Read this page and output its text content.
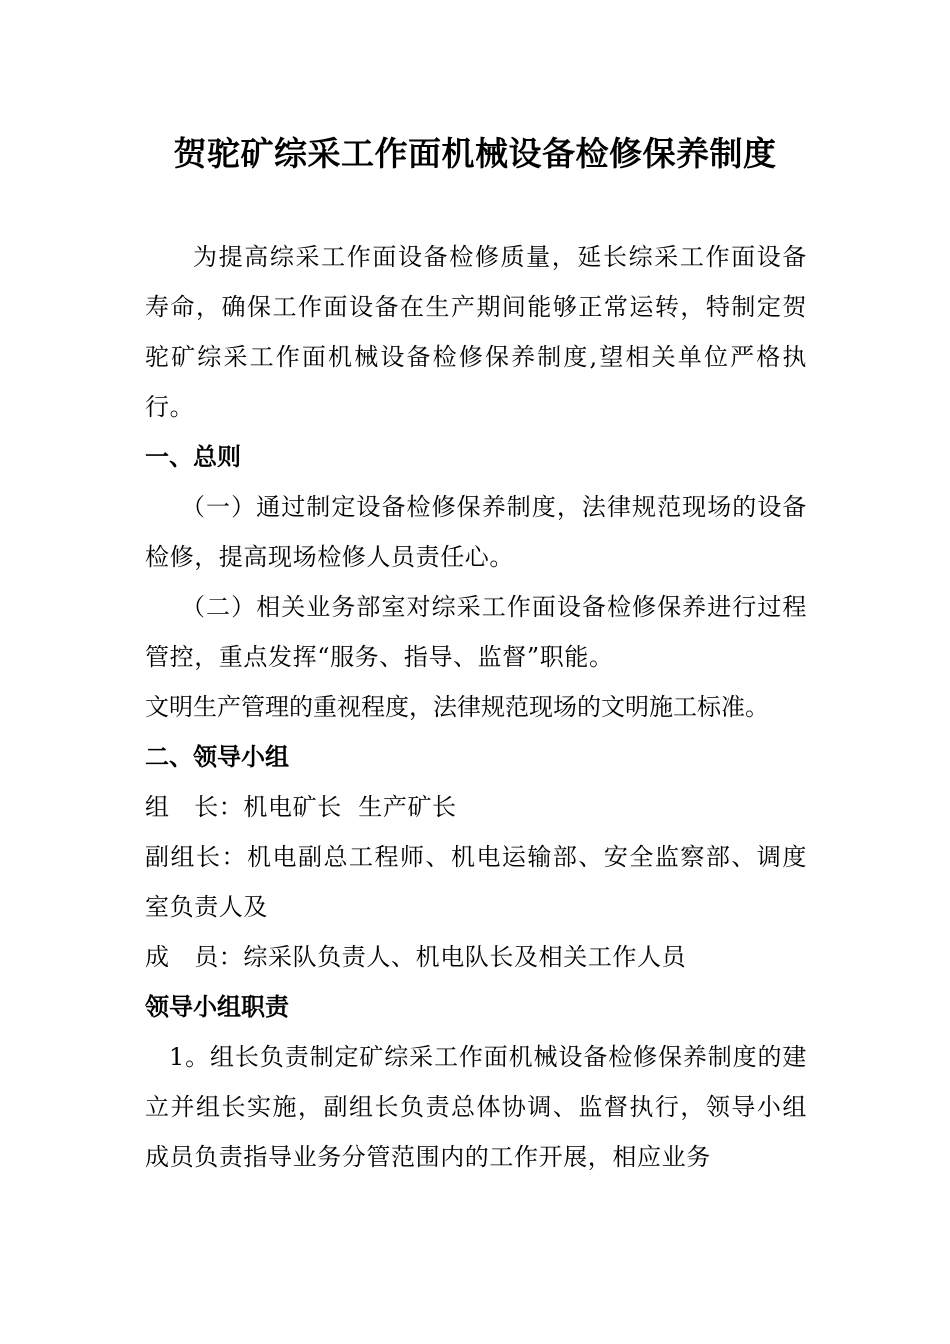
贺驼矿综采工作面机械设备检修保养制度

为提高综采工作面设备检修质量，延长综采工作面设备寿命，确保工作面设备在生产期间能够正常运转，特制定贺驼矿综采工作面机械设备检修保养制度,望相关单位严格执行。

一、总则

（一）通过制定设备检修保养制度，法律规范现场的设备检修，提高现场检修人员责任心。

（二）相关业务部室对综采工作面设备检修保养进行过程管控，重点发挥“服务、指导、监督”职能。

文明生产管理的重视程度，法律规范现场的文明施工标准。

二、领导小组

组　长：机电矿长  生产矿长

副组长：机电副总工程师、机电运输部、安全监察部、调度室负责人及

成　员：综采队负责人、机电队长及相关工作人员

领导小组职责

1。组长负责制定矿综采工作面机械设备检修保养制度的建立并组长实施，副组长负责总体协调、监督执行，领导小组成员负责指导业务分管范围内的工作开展，相应业务
